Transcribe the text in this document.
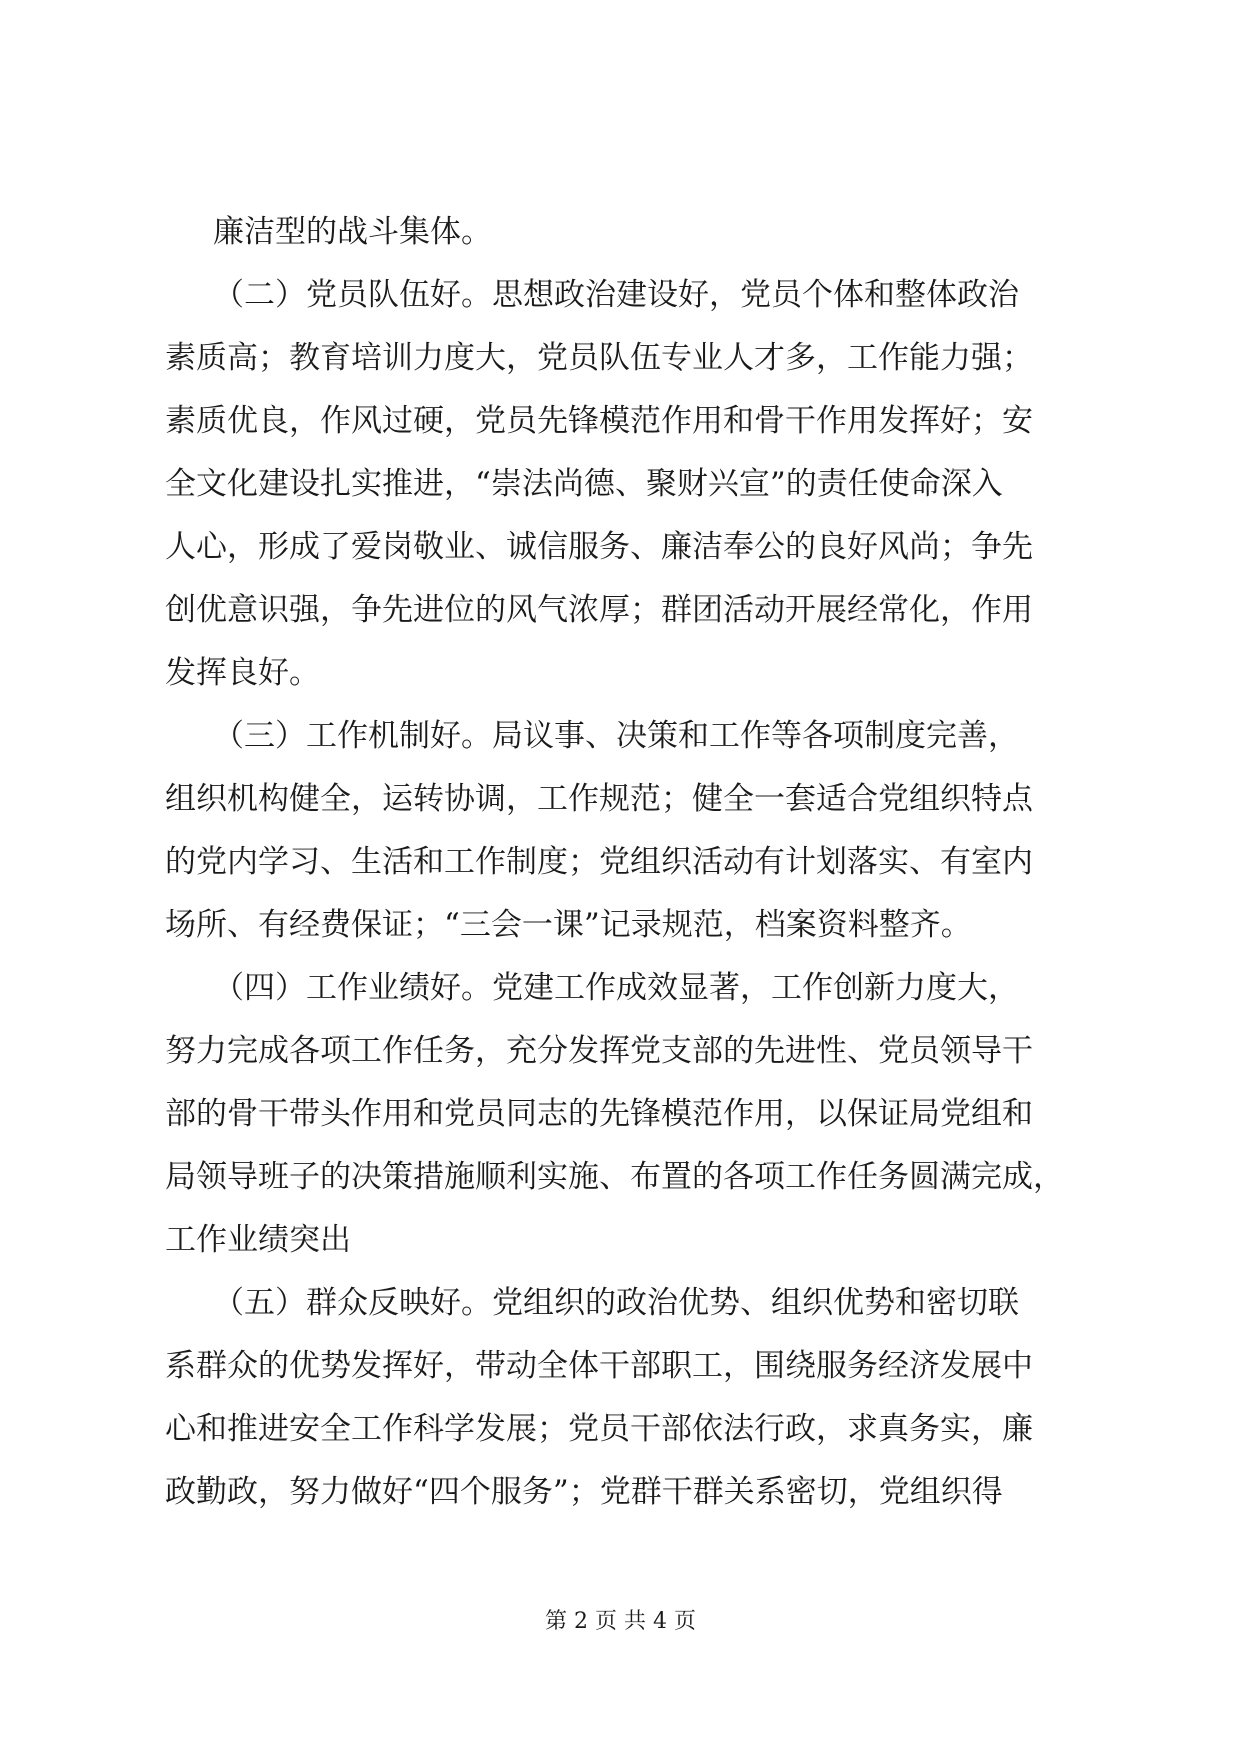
廉洁型的战斗集体。
（二）党员队伍好。思想政治建设好，党员个体和整体政治
素质高；教育培训力度大，党员队伍专业人才多，工作能力强；
素质优良，作风过硬，党员先锋模范作用和骨干作用发挥好；安
全文化建设扎实推进，“崇法尚德、聚财兴宣”的责任使命深入
人心，形成了爱岗敬业、诚信服务、廉洁奉公的良好风尚；争先
创优意识强，争先进位的风气浓厚；群团活动开展经常化，作用
发挥良好。
（三）工作机制好。局议事、决策和工作等各项制度完善，
组织机构健全，运转协调，工作规范；健全一套适合党组织特点
的党内学习、生活和工作制度；党组织活动有计划落实、有室内
场所、有经费保证；“三会一课”记录规范，档案资料整齐。
（四）工作业绩好。党建工作成效显著，工作创新力度大，
努力完成各项工作任务，充分发挥党支部的先进性、党员领导干
部的骨干带头作用和党员同志的先锋模范作用，以保证局党组和
局领导班子的决策措施顺利实施、布置的各项工作任务圆满完成，
工作业绩突出
（五）群众反映好。党组织的政治优势、组织优势和密切联
系群众的优势发挥好，带动全体干部职工，围绕服务经济发展中
心和推进安全工作科学发展；党员干部依法行政，求真务实，廉
政勤政，努力做好“四个服务”；党群干群关系密切，党组织得
第 2 页 共 4 页
